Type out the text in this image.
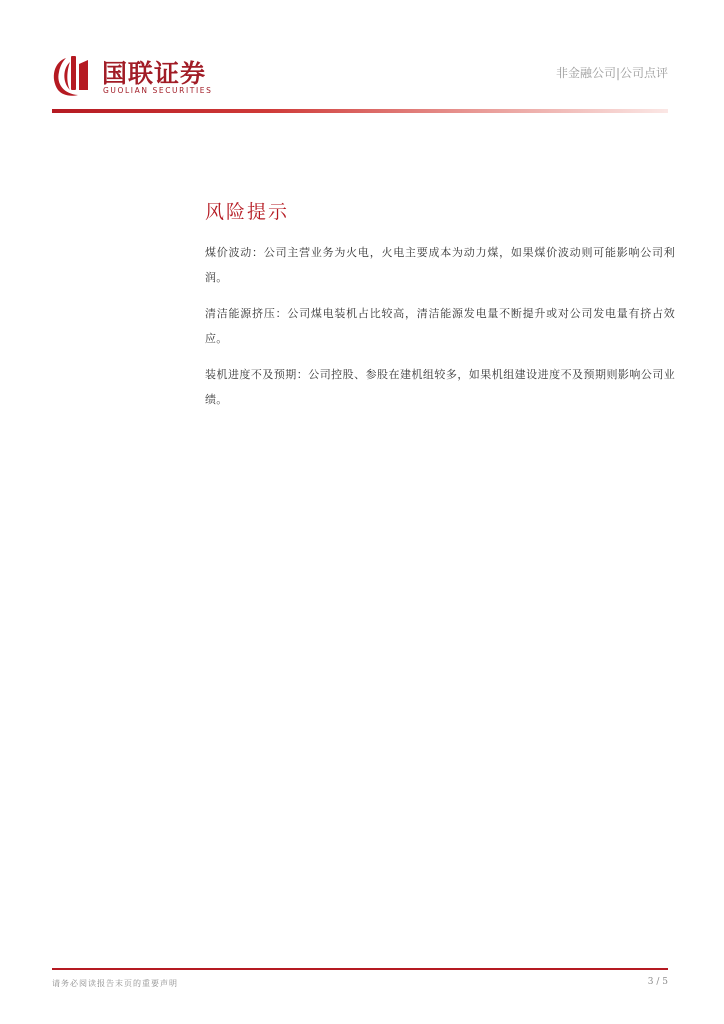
国联证券
GUOLIAN SECURITIES
非金融公司|公司点评
风险提示

煤价波动：公司主营业务为火电，火电主要成本为动力煤，如果煤价波动则可能影响公司利润。

清洁能源挤压：公司煤电装机占比较高，清洁能源发电量不断提升或对公司发电量有挤占效应。

装机进度不及预期：公司控股、参股在建机组较多，如果机组建设进度不及预期则影响公司业绩。

请务必阅读报告末页的重要声明	3 / 5
